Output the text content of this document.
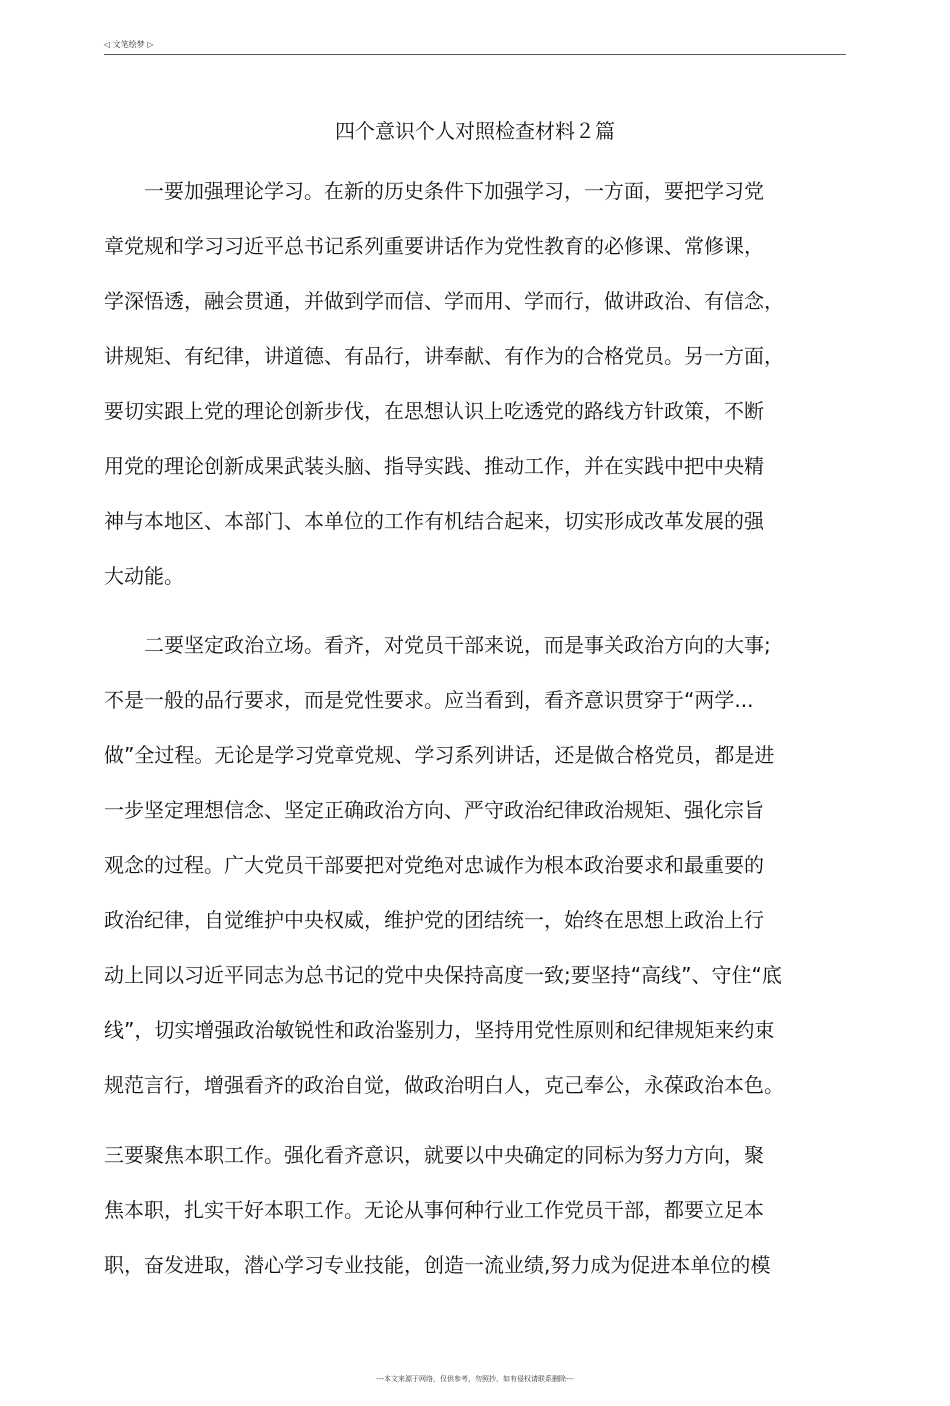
◁ 文笔绘梦 ▷
四个意识个人对照检查材料２篇
　　一要加强理论学习。在新的历史条件下加强学习，一方面，要把学习党
章党规和学习习近平总书记系列重要讲话作为党性教育的必修课、常修课，
学深悟透，融会贯通，并做到学而信、学而用、学而行，做讲政治、有信念，
讲规矩、有纪律，讲道德、有品行，讲奉献、有作为的合格党员。另一方面，
要切实跟上党的理论创新步伐，在思想认识上吃透党的路线方针政策，不断
用党的理论创新成果武装头脑、指导实践、推动工作，并在实践中把中央精
神与本地区、本部门、本单位的工作有机结合起来，切实形成改革发展的强
大动能。
　　二要坚定政治立场。看齐，对党员干部来说，而是事关政治方向的大事;
不是一般的品行要求，而是党性要求。应当看到，看齐意识贯穿于“两学...
做”全过程。无论是学习党章党规、学习系列讲话，还是做合格党员，都是进
一步坚定理想信念、坚定正确政治方向、严守政治纪律政治规矩、强化宗旨
观念的过程。广大党员干部要把对党绝对忠诚作为根本政治要求和最重要的
政治纪律，自觉维护中央权威，维护党的团结统一，始终在思想上政治上行
动上同以习近平同志为总书记的党中央保持高度一致;要坚持“高线”、守住“底
线”，切实增强政治敏锐性和政治鉴别力，坚持用党性原则和纪律规矩来约束
规范言行，增强看齐的政治自觉，做政治明白人，克己奉公，永葆政治本色。
三要聚焦本职工作。强化看齐意识，就要以中央确定的同标为努力方向，聚
焦本职，扎实干好本职工作。无论从事何种行业工作党员干部，都要立足本
职，奋发进取，潜心学习专业技能，创造一流业绩,努力成为促进本单位的模
---本文来源于网络，仅供参考，勿照抄，如有侵权请联系删除---
